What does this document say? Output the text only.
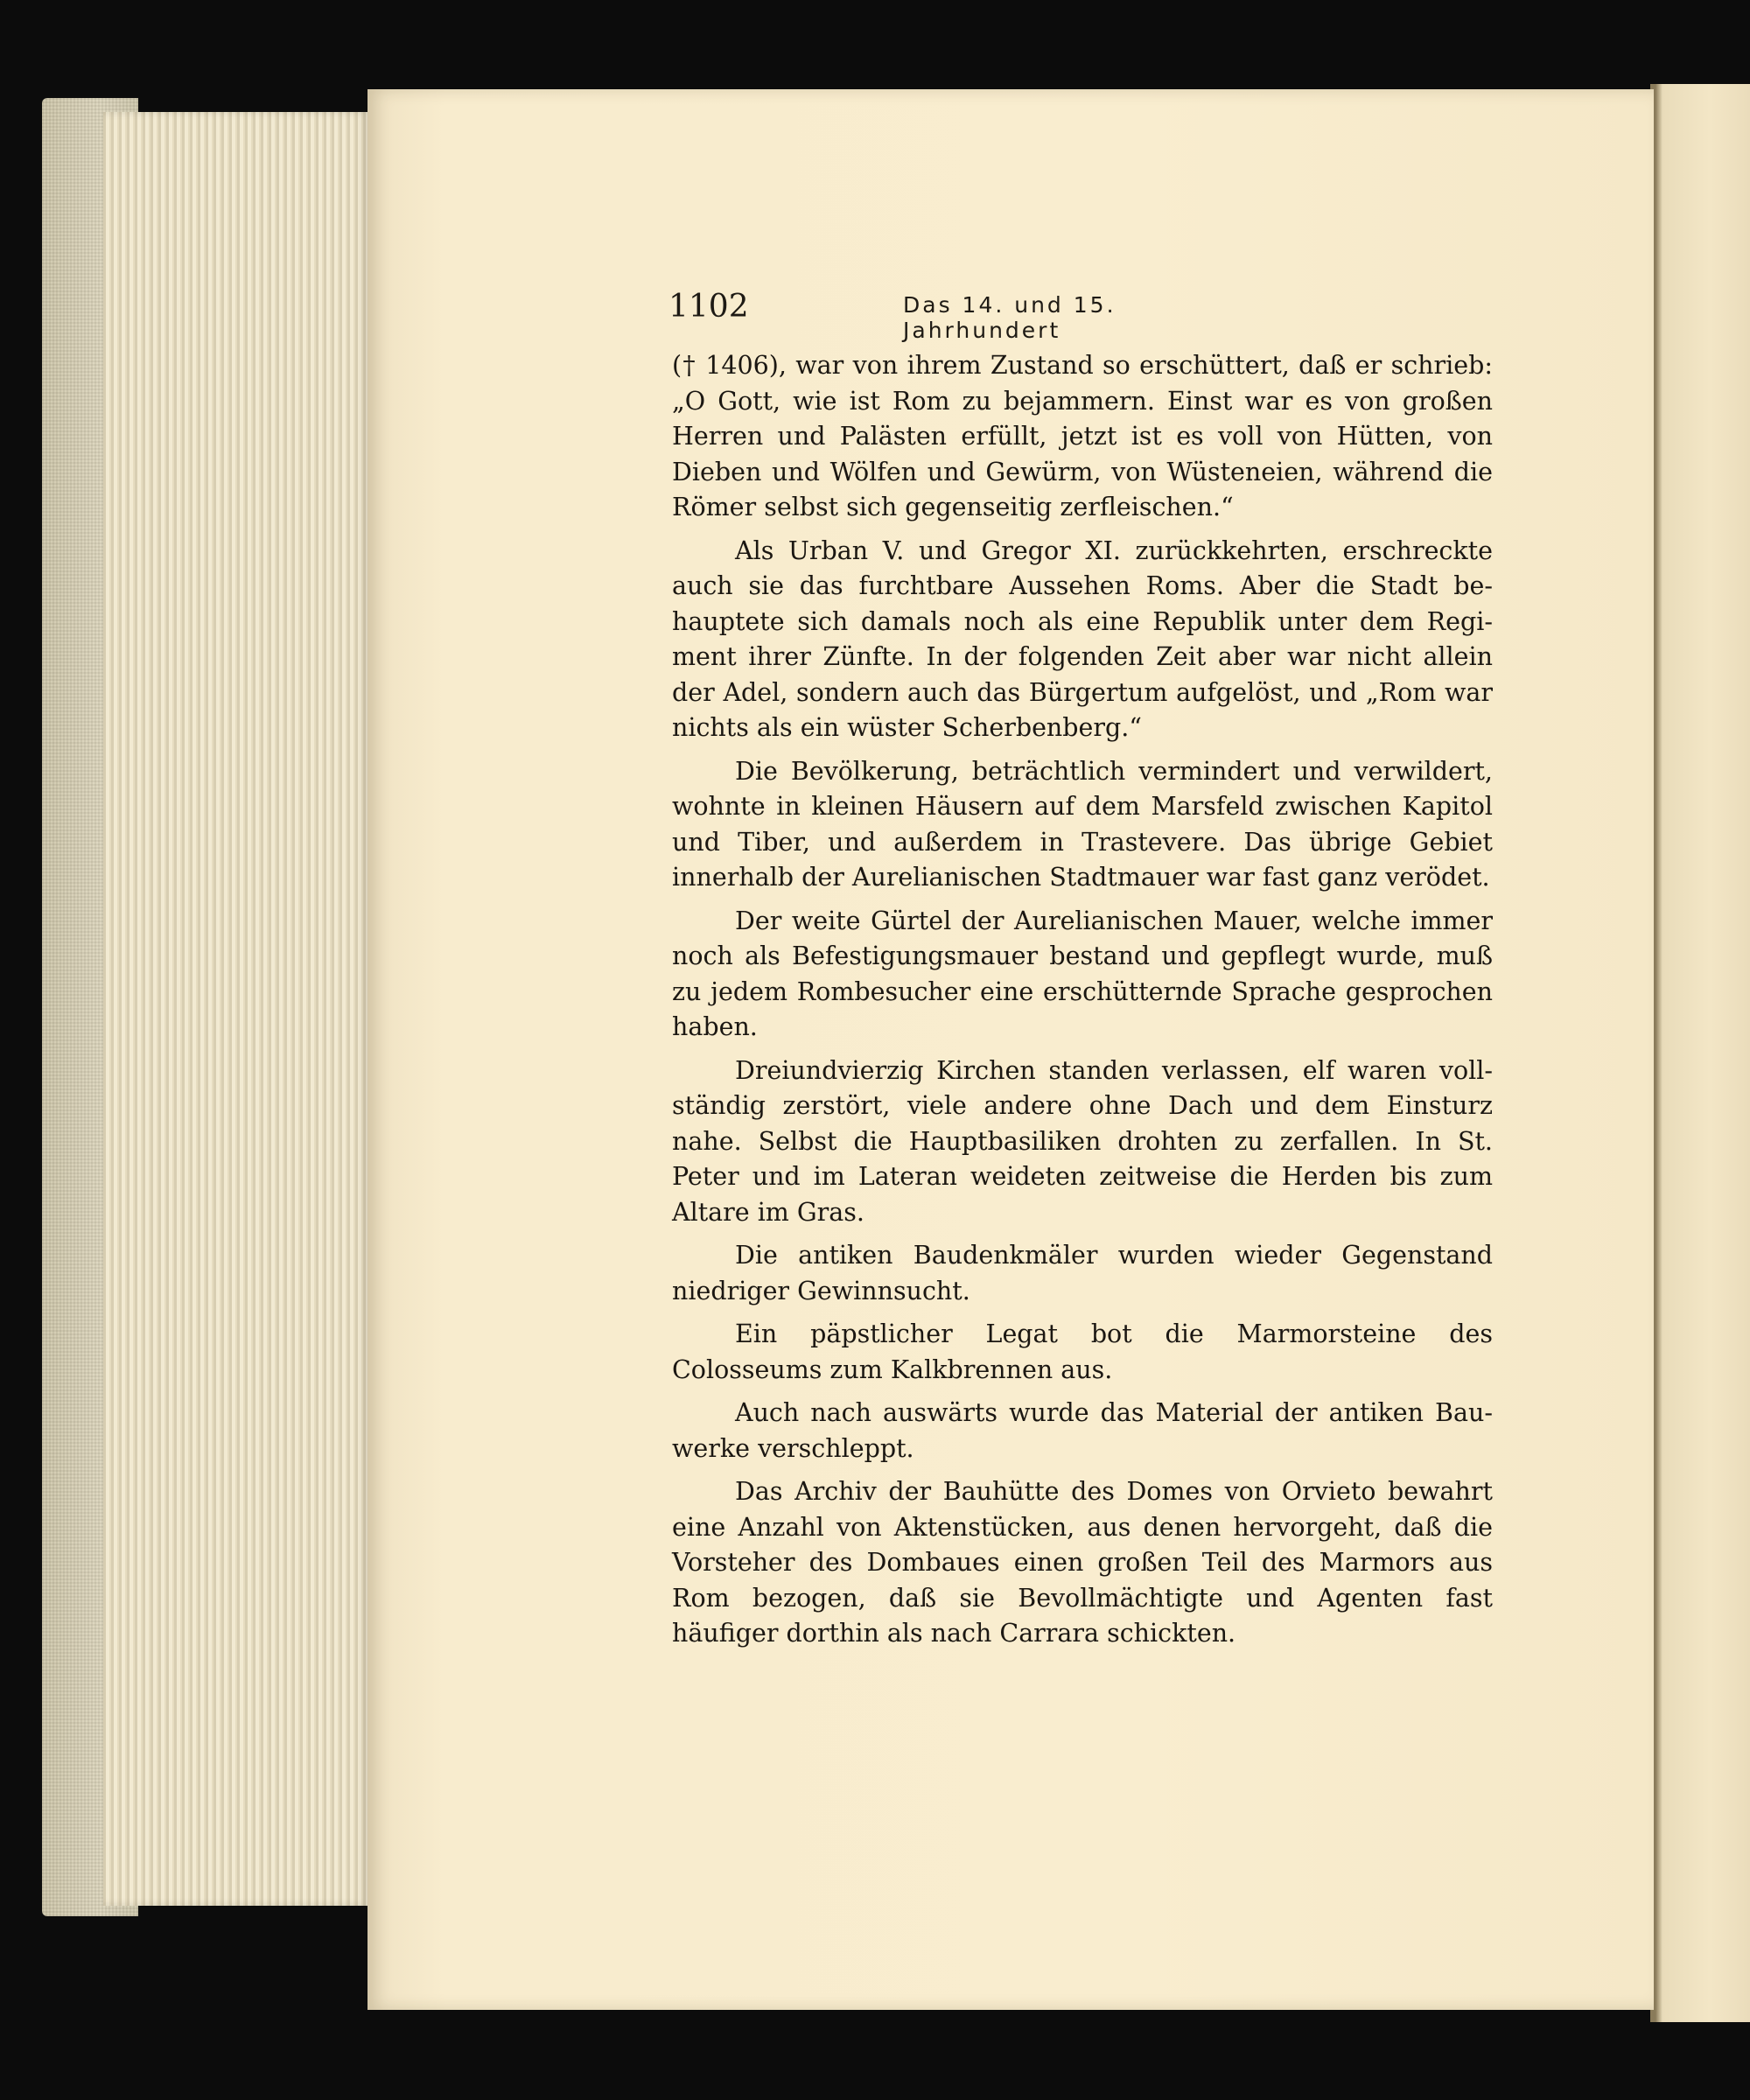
1102	Das 14. und 15. Jahrhundert

(† 1406), war von ihrem Zustand so erschüttert, daß er schrieb: „O Gott, wie ist Rom zu bejammern. Einst war es von großen Herren und Palästen erfüllt, jetzt ist es voll von Hütten, von Dieben und Wölfen und Gewürm, von Wüsteneien, während die Römer selbst sich gegenseitig zerfleischen.“

Als Urban V. und Gregor XI. zurückkehrten, erschreckte auch sie das furchtbare Aussehen Roms. Aber die Stadt behauptete sich damals noch als eine Republik unter dem Regiment ihrer Zünfte. In der folgenden Zeit aber war nicht allein der Adel, sondern auch das Bürgertum aufgelöst, und „Rom war nichts als ein wüster Scherbenberg.“

Die Bevölkerung, beträchtlich vermindert und verwildert, wohnte in kleinen Häusern auf dem Marsfeld zwischen Kapitol und Tiber, und außerdem in Trastevere. Das übrige Gebiet innerhalb der Aurelianischen Stadtmauer war fast ganz verödet.

Der weite Gürtel der Aurelianischen Mauer, welche immer noch als Befestigungsmauer bestand und gepflegt wurde, muß zu jedem Rombesucher eine erschütternde Sprache gesprochen haben.

Dreiundvierzig Kirchen standen verlassen, elf waren vollständig zerstört, viele andere ohne Dach und dem Einsturz nahe. Selbst die Hauptbasiliken drohten zu zerfallen. In St. Peter und im Lateran weideten zeitweise die Herden bis zum Altare im Gras.

Die antiken Baudenkmäler wurden wieder Gegenstand niedriger Gewinnsucht.

Ein päpstlicher Legat bot die Marmorsteine des Colosseums zum Kalkbrennen aus.

Auch nach auswärts wurde das Material der antiken Bauwerke verschleppt.

Das Archiv der Bauhütte des Domes von Orvieto bewahrt eine Anzahl von Aktenstücken, aus denen hervorgeht, daß die Vorsteher des Dombaues einen großen Teil des Marmors aus Rom bezogen, daß sie Bevollmächtigte und Agenten fast häufiger dorthin als nach Carrara schickten.
